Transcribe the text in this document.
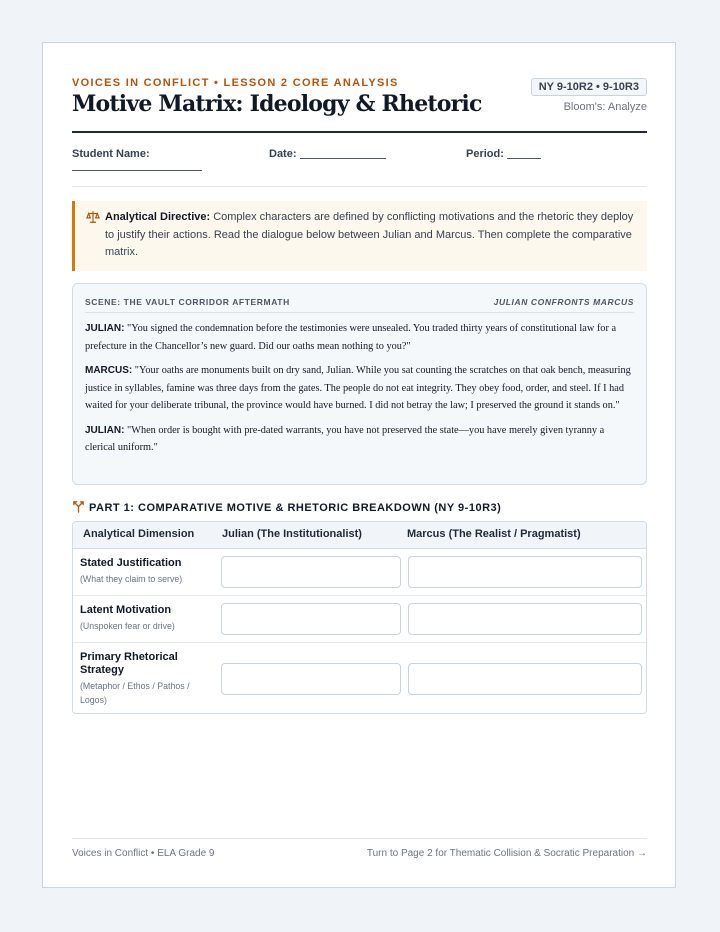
VOICES IN CONFLICT • LESSON 2 CORE ANALYSIS
Motive Matrix: Ideology & Rhetoric
NY 9-10R2 • 9-10R3
Bloom's: Analyze
Student Name:	Date:	Period:
Analytical Directive: Complex characters are defined by conflicting motivations and the rhetoric they deploy to justify their actions. Read the dialogue below between Julian and Marcus. Then complete the comparative matrix.
SCENE: THE VAULT CORRIDOR AFTERMATH	JULIAN CONFRONTS MARCUS
JULIAN: "You signed the condemnation before the testimonies were unsealed. You traded thirty years of constitutional law for a prefecture in the Chancellor’s new guard. Did our oaths mean nothing to you?"
MARCUS: "Your oaths are monuments built on dry sand, Julian. While you sat counting the scratches on that oak bench, measuring justice in syllables, famine was three days from the gates. The people do not eat integrity. They obey food, order, and steel. If I had waited for your deliberate tribunal, the province would have burned. I did not betray the law; I preserved the ground it stands on."
JULIAN: "When order is bought with pre-dated warrants, you have not preserved the state—you have merely given tyranny a clerical uniform."
PART 1: COMPARATIVE MOTIVE & RHETORIC BREAKDOWN (NY 9-10R3)
Analytical Dimension	Julian (The Institutionalist)	Marcus (The Realist / Pragmatist)
Stated Justification
(What they claim to serve)
Latent Motivation
(Unspoken fear or drive)
Primary Rhetorical Strategy
(Metaphor / Ethos / Pathos / Logos)
Voices in Conflict • ELA Grade 9	Turn to Page 2 for Thematic Collision & Socratic Preparation →
